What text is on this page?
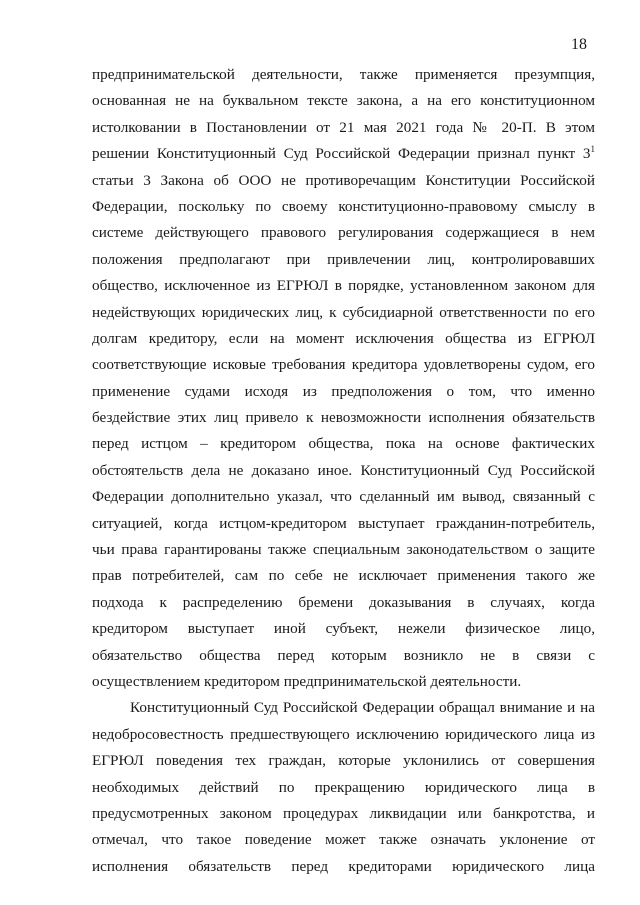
18
предпринимательской деятельности, также применяется презумпция,
основанная не на буквальном тексте закона, а на его конституционном
истолковании в Постановлении от 21 мая 2021 года № 20-П. В этом
решении Конституционный Суд Российской Федерации признал пункт $3^1$
статьи 3 Закона об ООО не противоречащим Конституции Российской
Федерации, поскольку по своему конституционно-правовому смыслу в
системе действующего правового регулирования содержащиеся в нем
положения предполагают при привлечении лиц, контролировавших
общество, исключенное из ЕГРЮЛ в порядке, установленном законом для
недействующих юридических лиц, к субсидиарной ответственности по его
долгам кредитору, если на момент исключения общества из ЕГРЮЛ
соответствующие исковые требования кредитора удовлетворены судом, его
применение судами исходя из предположения о том, что именно
бездействие этих лиц привело к невозможности исполнения обязательств
перед истцом – кредитором общества, пока на основе фактических
обстоятельств дела не доказано иное. Конституционный Суд Российской
Федерации дополнительно указал, что сделанный им вывод, связанный с
ситуацией, когда истцом-кредитором выступает гражданин-потребитель,
чьи права гарантированы также специальным законодательством о защите
прав потребителей, сам по себе не исключает применения такого же
подхода к распределению бремени доказывания в случаях, когда
кредитором выступает иной субъект, нежели физическое лицо,
обязательство общества перед которым возникло не в связи с
осуществлением кредитором предпринимательской деятельности.
Конституционный Суд Российской Федерации обращал внимание и на
недобросовестность предшествующего исключению юридического лица из
ЕГРЮЛ поведения тех граждан, которые уклонились от совершения
необходимых действий по прекращению юридического лица в
предусмотренных законом процедурах ликвидации или банкротства, и
отмечал, что такое поведение может также означать уклонение от
исполнения обязательств перед кредиторами юридического лица
